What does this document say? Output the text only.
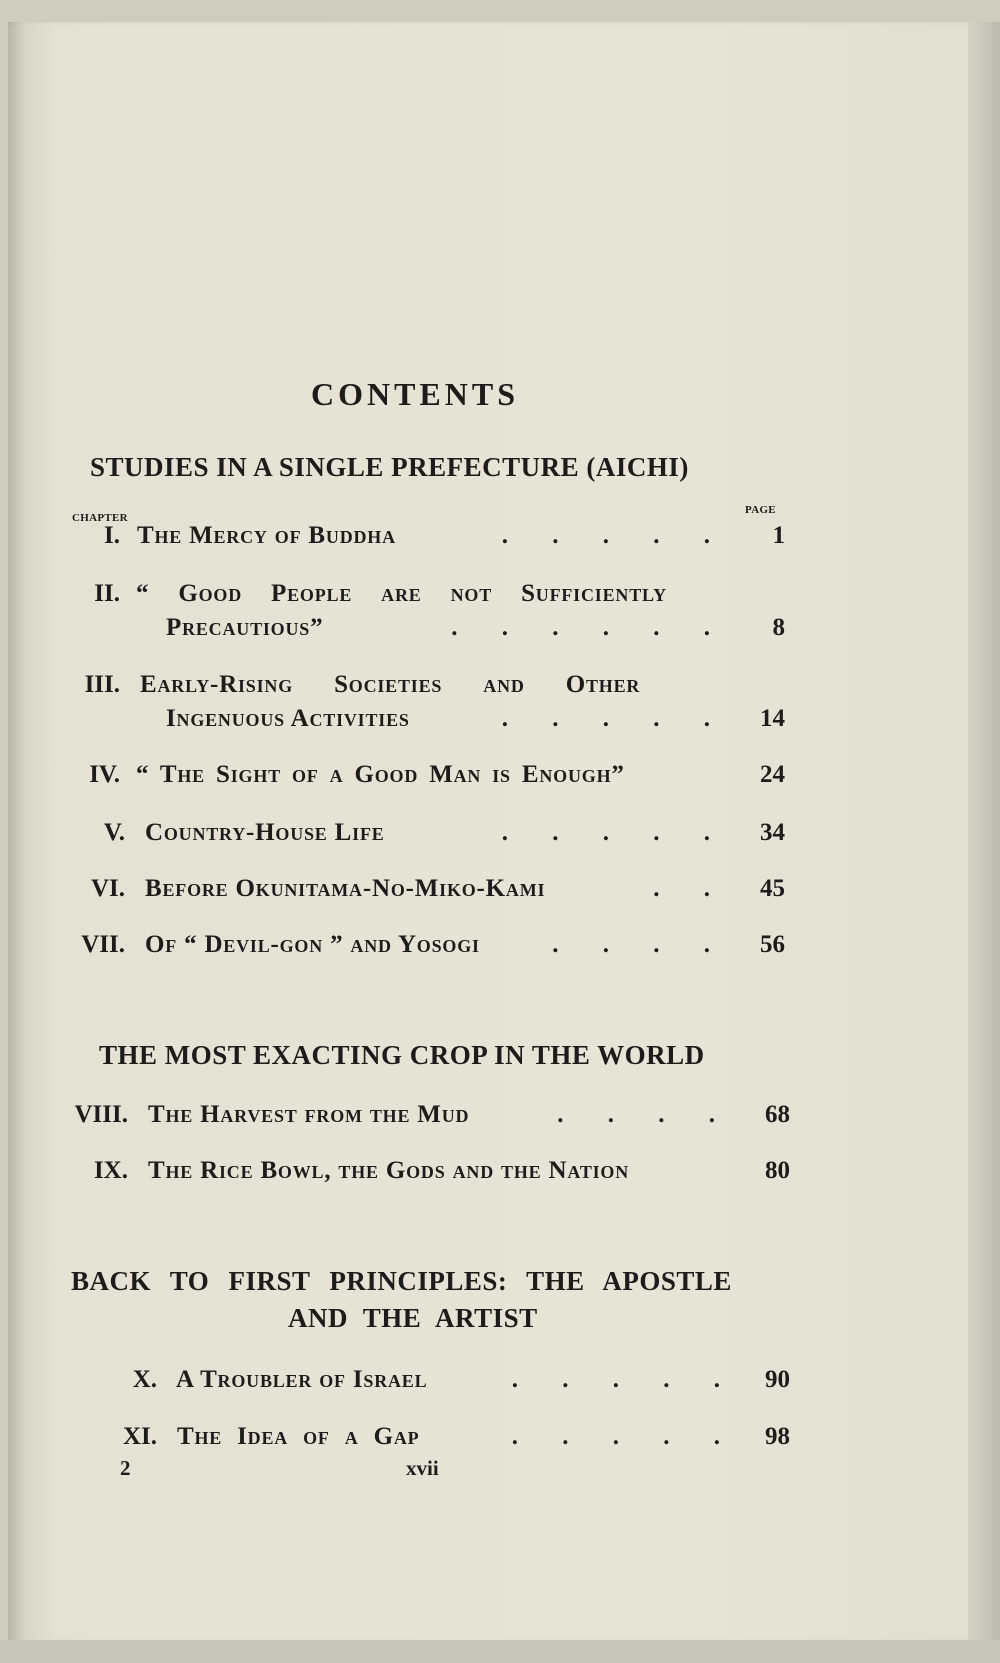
CONTENTS
STUDIES IN A SINGLE PREFECTURE (AICHI)
CHAPTER
PAGE
I. The Mercy of Buddha	. . . . .	1
II. “ Good People are not Sufficiently
Precautious”	. . . . . .	8
III. Early-Rising Societies and Other
Ingenuous Activities	. . . . .	14
IV. “ The Sight of a Good Man is Enough”	24
V. Country-House Life	. . . . .	34
VI. Before Okunitama-No-Miko-Kami	. .	45
VII. Of “ Devil-gon ” and Yosogi	. . . .	56
THE MOST EXACTING CROP IN THE WORLD
VIII. The Harvest from the Mud	. . . .	68
IX. The Rice Bowl, the Gods and the Nation	80
BACK TO FIRST PRINCIPLES: THE APOSTLE
AND THE ARTIST
X. A Troubler of Israel	. . . . .	90
XI. The Idea of a Gap	. . . . .	98
2	xvii
